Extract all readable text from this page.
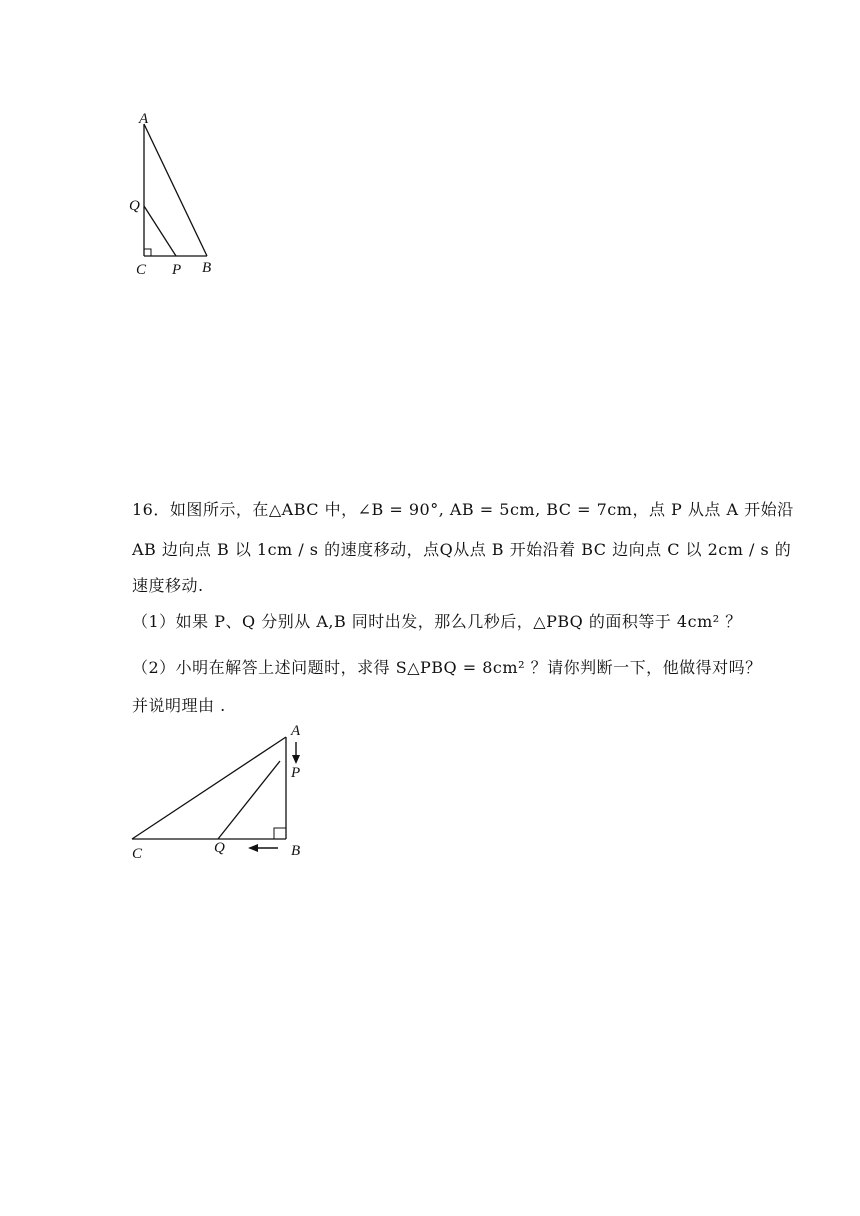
A
Q
C P B
16．如图所示，在△ABC 中，∠B = 90°, AB = 5cm, BC = 7cm，点 P 从点 A 开始沿
AB 边向点 B 以 1cm / s 的速度移动，点Q从点 B 开始沿着 BC 边向点 C 以 2cm / s 的
速度移动.
（1）如果 P、Q 分别从 A,B 同时出发，那么几秒后，△PBQ 的面积等于 4cm² ？
（2）小明在解答上述问题时，求得 S△PBQ = 8cm² ？请你判断一下，他做得对吗？
并说明理由 .
A
P
C	Q	B
